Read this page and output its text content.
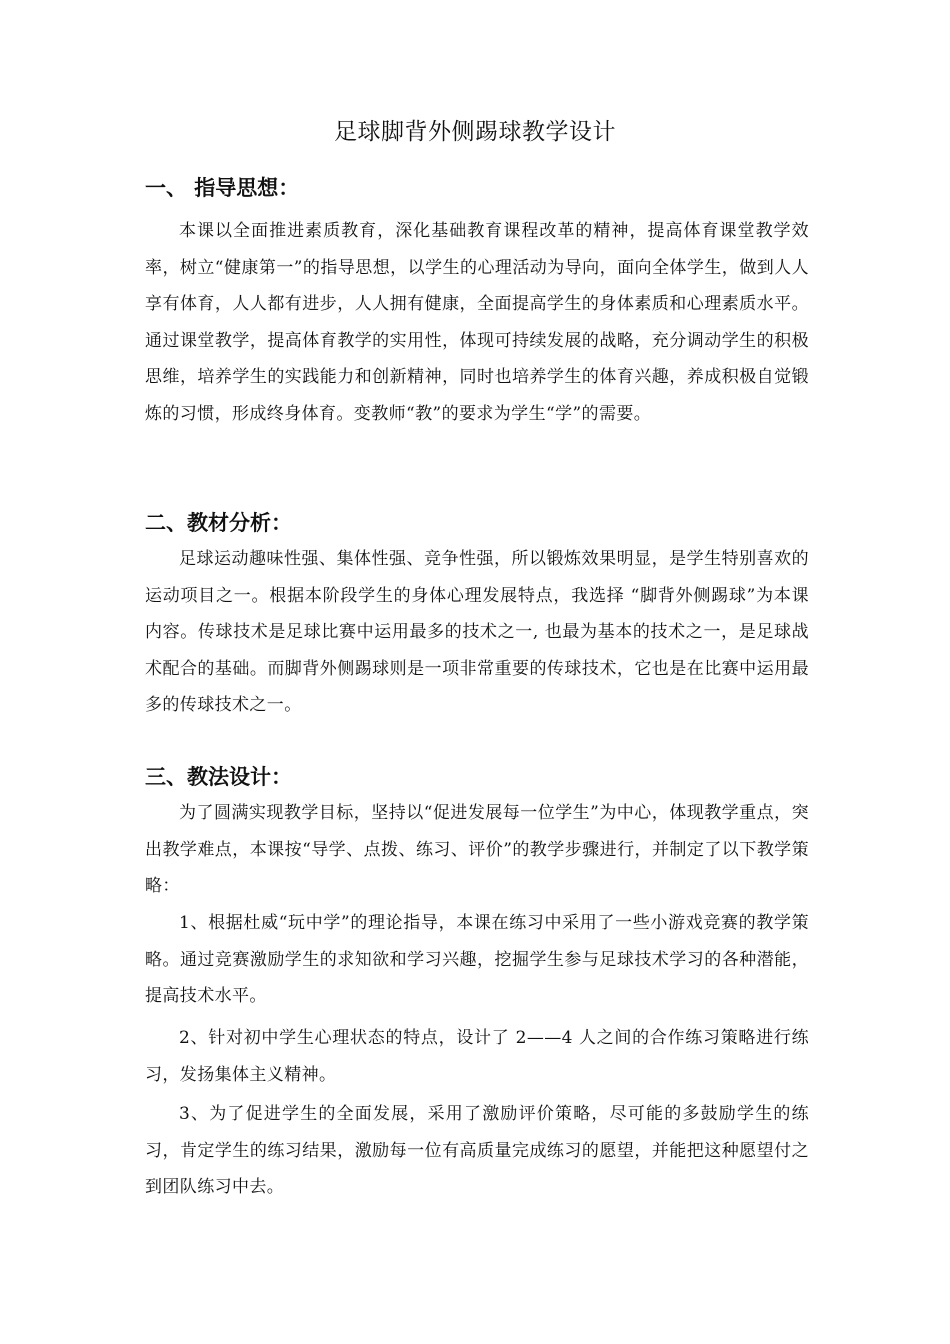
足球脚背外侧踢球教学设计
一、 指导思想：
本课以全面推进素质教育，深化基础教育课程改革的精神，提高体育课堂教学效率，树立“健康第一”的指导思想，以学生的心理活动为导向，面向全体学生，做到人人享有体育，人人都有进步，人人拥有健康，全面提高学生的身体素质和心理素质水平。通过课堂教学，提高体育教学的实用性，体现可持续发展的战略，充分调动学生的积极思维，培养学生的实践能力和创新精神，同时也培养学生的体育兴趣，养成积极自觉锻炼的习惯，形成终身体育。变教师“教”的要求为学生“学”的需要。
二、教材分析：
足球运动趣味性强、集体性强、竞争性强，所以锻炼效果明显，是学生特别喜欢的运动项目之一。根据本阶段学生的身体心理发展特点，我选择 “脚背外侧踢球”为本课内容。传球技术是足球比赛中运用最多的技术之一, 也最为基本的技术之一，是足球战术配合的基础。而脚背外侧踢球则是一项非常重要的传球技术，它也是在比赛中运用最多的传球技术之一。
三、教法设计：
为了圆满实现教学目标，坚持以“促进发展每一位学生”为中心，体现教学重点，突出教学难点，本课按“导学、点拨、练习、评价”的教学步骤进行，并制定了以下教学策略：
1、根据杜威“玩中学”的理论指导，本课在练习中采用了一些小游戏竞赛的教学策略。通过竞赛激励学生的求知欲和学习兴趣，挖掘学生参与足球技术学习的各种潜能，提高技术水平。
2、针对初中学生心理状态的特点，设计了 2——4 人之间的合作练习策略进行练习，发扬集体主义精神。
3、为了促进学生的全面发展，采用了激励评价策略，尽可能的多鼓励学生的练习，肯定学生的练习结果，激励每一位有高质量完成练习的愿望，并能把这种愿望付之到团队练习中去。
